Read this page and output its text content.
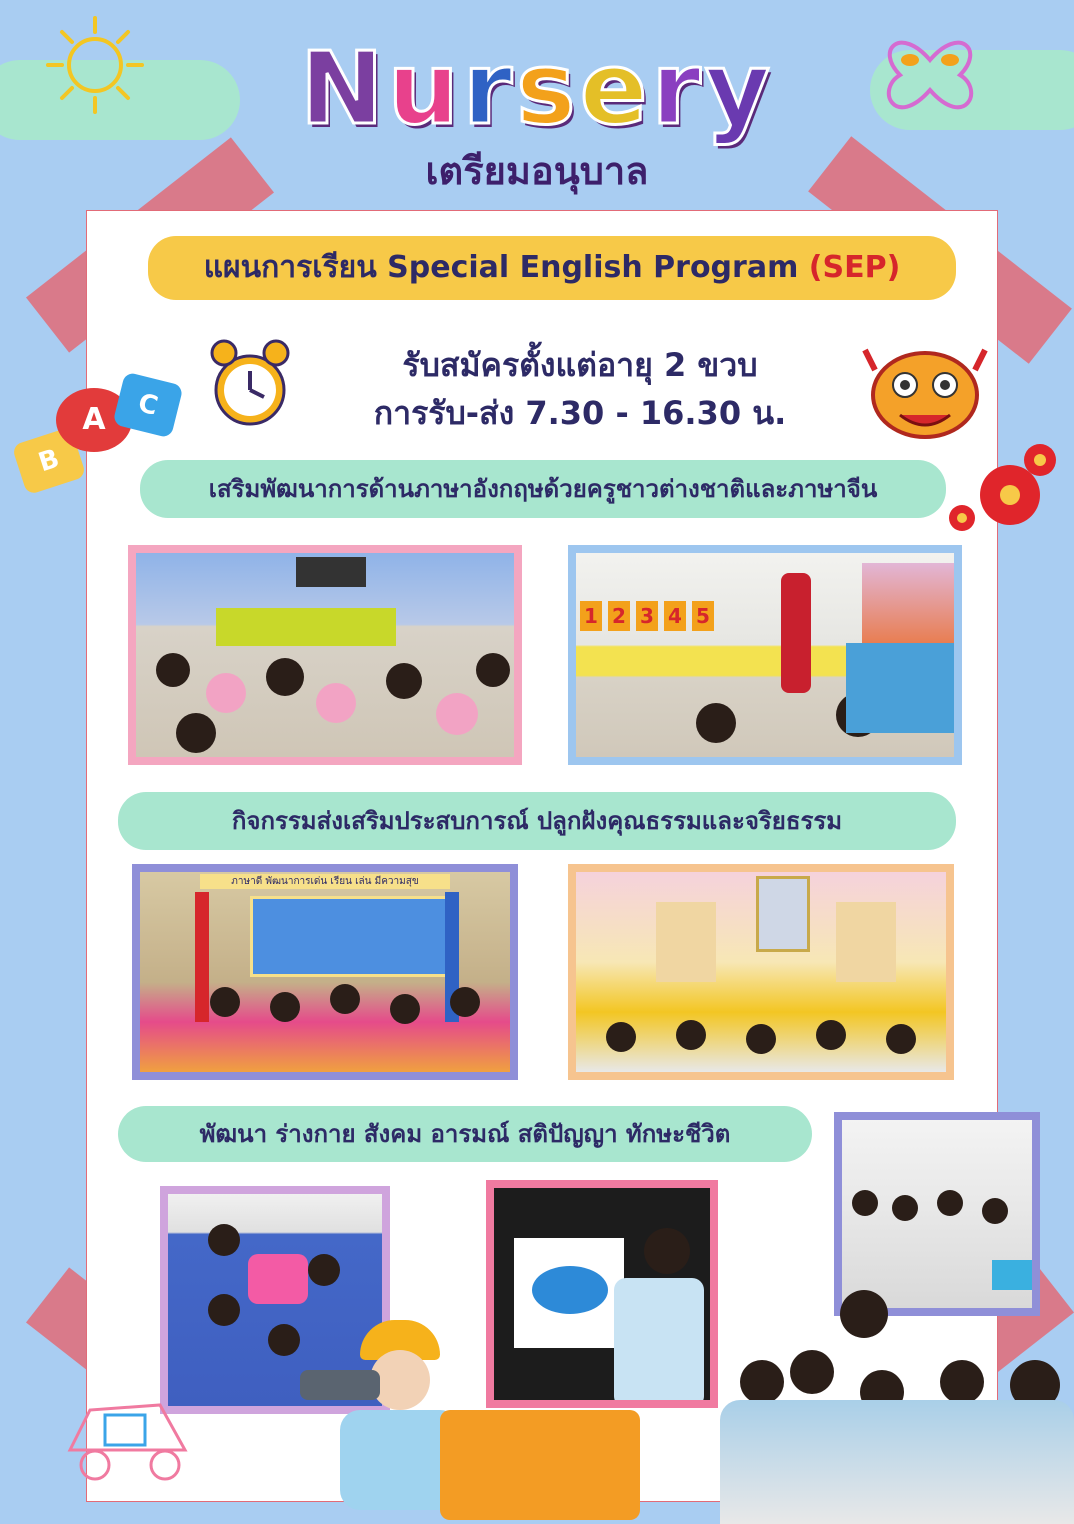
Nursery
เตรียมอนุบาล
แผนการเรียน Special English Program (SEP)
รับสมัครตั้งแต่อายุ 2 ขวบ
การรับ-ส่ง 7.30 - 16.30 น.
B
A	C
เสริมพัฒนาการด้านภาษาอังกฤษด้วยครูชาวต่างชาติและภาษาจีน
1 2 3 4 5
กิจกรรมส่งเสริมประสบการณ์ ปลูกฝังคุณธรรมและจริยธรรม
ภาษาดี พัฒนาการเด่น เรียน เล่น มีความสุข
พัฒนา ร่างกาย สังคม อารมณ์ สติปัญญา ทักษะชีวิต
